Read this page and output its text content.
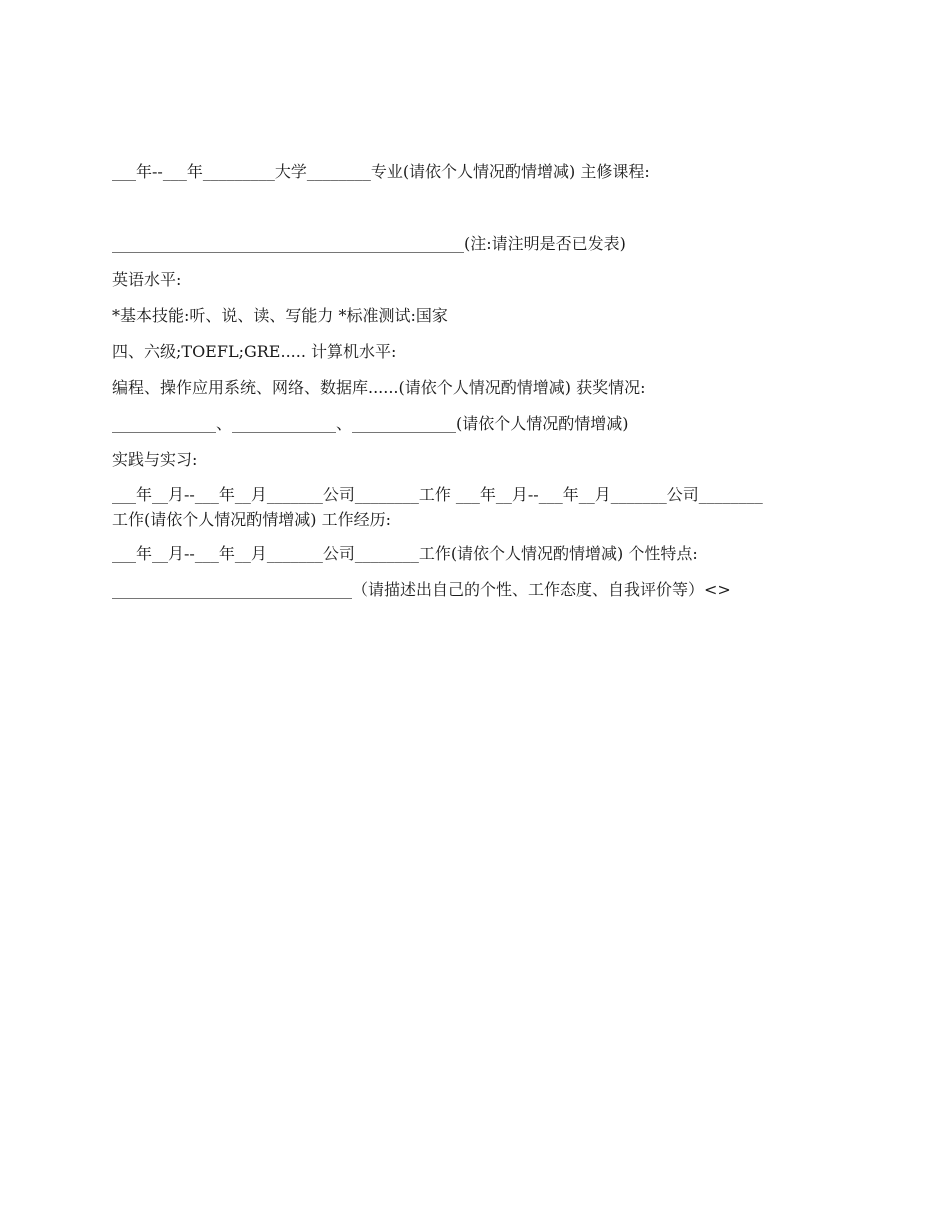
___年--___年_________大学________专业(请依个人情况酌情增减) 主修课程:
____________________________________________(注:请注明是否已发表)
英语水平:
*基本技能:听、说、读、写能力 *标准测试:国家
四、六级;TOEFL;GRE..... 计算机水平:
编程、操作应用系统、网络、数据库......(请依个人情况酌情增减) 获奖情况:
_____________、_____________、_____________(请依个人情况酌情增减)
实践与实习:
___年__月--___年__月_______公司________工作 ___年__月--___年__月_______公司________
工作(请依个人情况酌情增减) 工作经历:
___年__月--___年__月_______公司________工作(请依个人情况酌情增减) 个性特点:
______________________________（请描述出自己的个性、工作态度、自我评价等）<>
